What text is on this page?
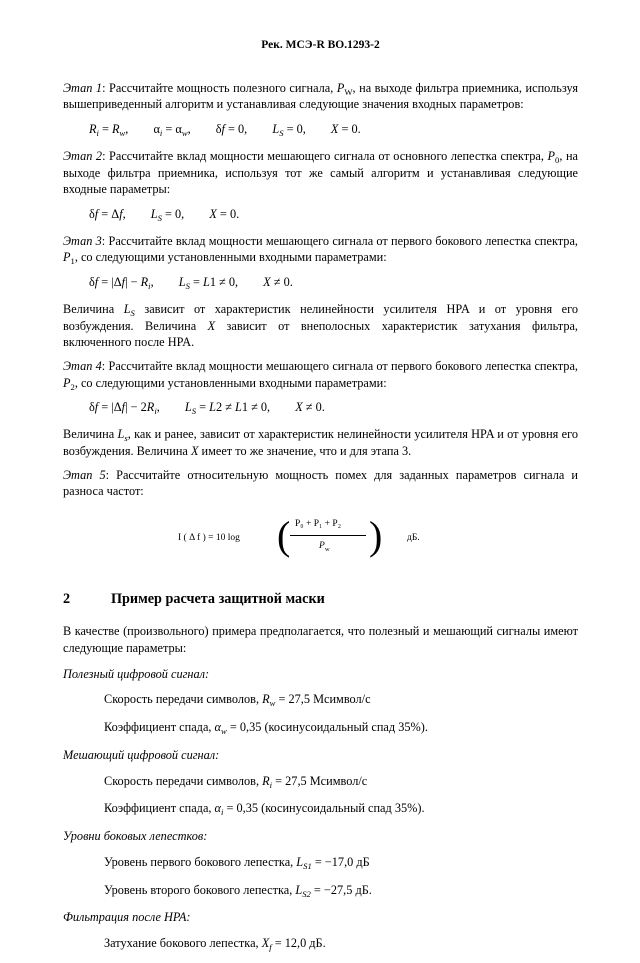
Рек. МСЭ-R BO.1293-2

Этап 1: Рассчитайте мощность полезного сигнала, $P_W$, на выходе фильтра приемника, используя вышеприведенный алгоритм и устанавливая следующие значения входных параметров:

$R_i = R_w$, $\alpha_i = \alpha_w$, δf = 0, $L_S = 0$, X = 0.

Этап 2: Рассчитайте вклад мощности мешающего сигнала от основного лепестка спектра, $P_0$, на выходе фильтра приемника, используя тот же самый алгоритм и устанавливая следующие входные параметры:

δf = Δf, $L_S = 0$, X = 0.

Этап 3: Рассчитайте вклад мощности мешающего сигнала от первого бокового лепестка спектра, $P_1$, со следующими установленными входными параметрами:

$\delta f = |\Delta f| - R_i$, $L_S = L1 \ne 0$, X ≠ 0.

Величина $L_S$ зависит от характеристик нелинейности усилителя HPA и от уровня его возбуждения. Величина X зависит от внеполосных характеристик затухания фильтра, включенного после HPA.

Этап 4: Рассчитайте вклад мощности мешающего сигнала от первого бокового лепестка спектра, $P_2$, со следующими установленными входными параметрами:

$\delta f = |\Delta f| - 2R_i$, $L_S = L2 \ne L1 \ne 0$, X ≠ 0.

Величина $L_s$, как и ранее, зависит от характеристик нелинейности усилителя HPA и от уровня его возбуждения. Величина X имеет то же значение, что и для этапа 3.

Этап 5: Рассчитайте относительную мощность помех для заданных параметров сигнала и разноса частот:

I ( Δ f ) = 10 log ( P₀ + P₁ + P₂
$P_w$ )	дБ.
2	Пример расчета защитной маски

В качестве (произвольного) примера предполагается, что полезный и мешающий сигналы имеют следующие параметры:

Полезный цифровой сигнал:

Скорость передачи символов, $R_w = 27,5$ Мсимвол/с

Коэффициент спада, $\alpha_w = 0,35$ (косинусоидальный спад 35%).

Мешающий цифровой сигнал:

Скорость передачи символов, $R_i = 27,5$ Мсимвол/с

Коэффициент спада, $\alpha_i = 0,35$ (косинусоидальный спад 35%).

Уровни боковых лепестков:

Уровень первого бокового лепестка, $L_{S1} = -17,0$ дБ

Уровень второго бокового лепестка, $L_{S2} = -27,5$ дБ.

Фильтрация после HPA:

Затухание бокового лепестка, $X_f = 12,0$ дБ.
